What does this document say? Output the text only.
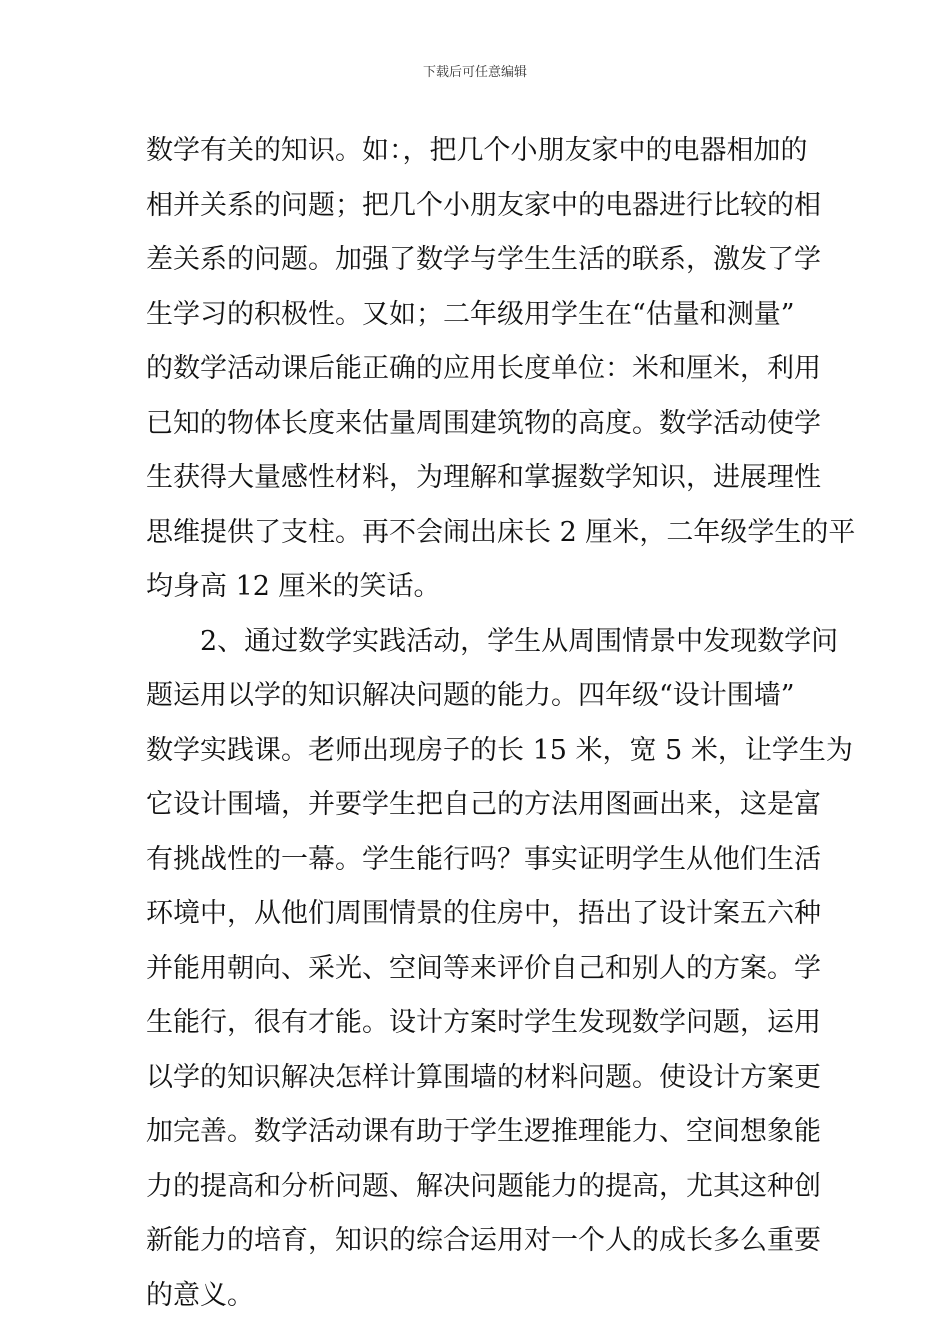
下载后可任意编辑
数学有关的知识。如：，把几个小朋友家中的电器相加的
相并关系的问题；把几个小朋友家中的电器进行比较的相
差关系的问题。加强了数学与学生生活的联系，激发了学
生学习的积极性。又如；二年级用学生在“估量和测量”
的数学活动课后能正确的应用长度单位：米和厘米，利用
已知的物体长度来估量周围建筑物的高度。数学活动使学
生获得大量感性材料，为理解和掌握数学知识，进展理性
思维提供了支柱。再不会闹出床长 2 厘米，二年级学生的平
均身高 12 厘米的笑话。
2、通过数学实践活动，学生从周围情景中发现数学问
题运用以学的知识解决问题的能力。四年级“设计围墙”
数学实践课。老师出现房子的长 15 米，宽 5 米，让学生为
它设计围墙，并要学生把自己的方法用图画出来，这是富
有挑战性的一幕。学生能行吗？事实证明学生从他们生活
环境中，从他们周围情景的住房中，捂出了设计案五六种
并能用朝向、采光、空间等来评价自己和别人的方案。学
生能行，很有才能。设计方案时学生发现数学问题，运用
以学的知识解决怎样计算围墙的材料问题。使设计方案更
加完善。数学活动课有助于学生逻推理能力、空间想象能
力的提高和分析问题、解决问题能力的提高，尤其这种创
新能力的培育，知识的综合运用对一个人的成长多么重要
的意义。
